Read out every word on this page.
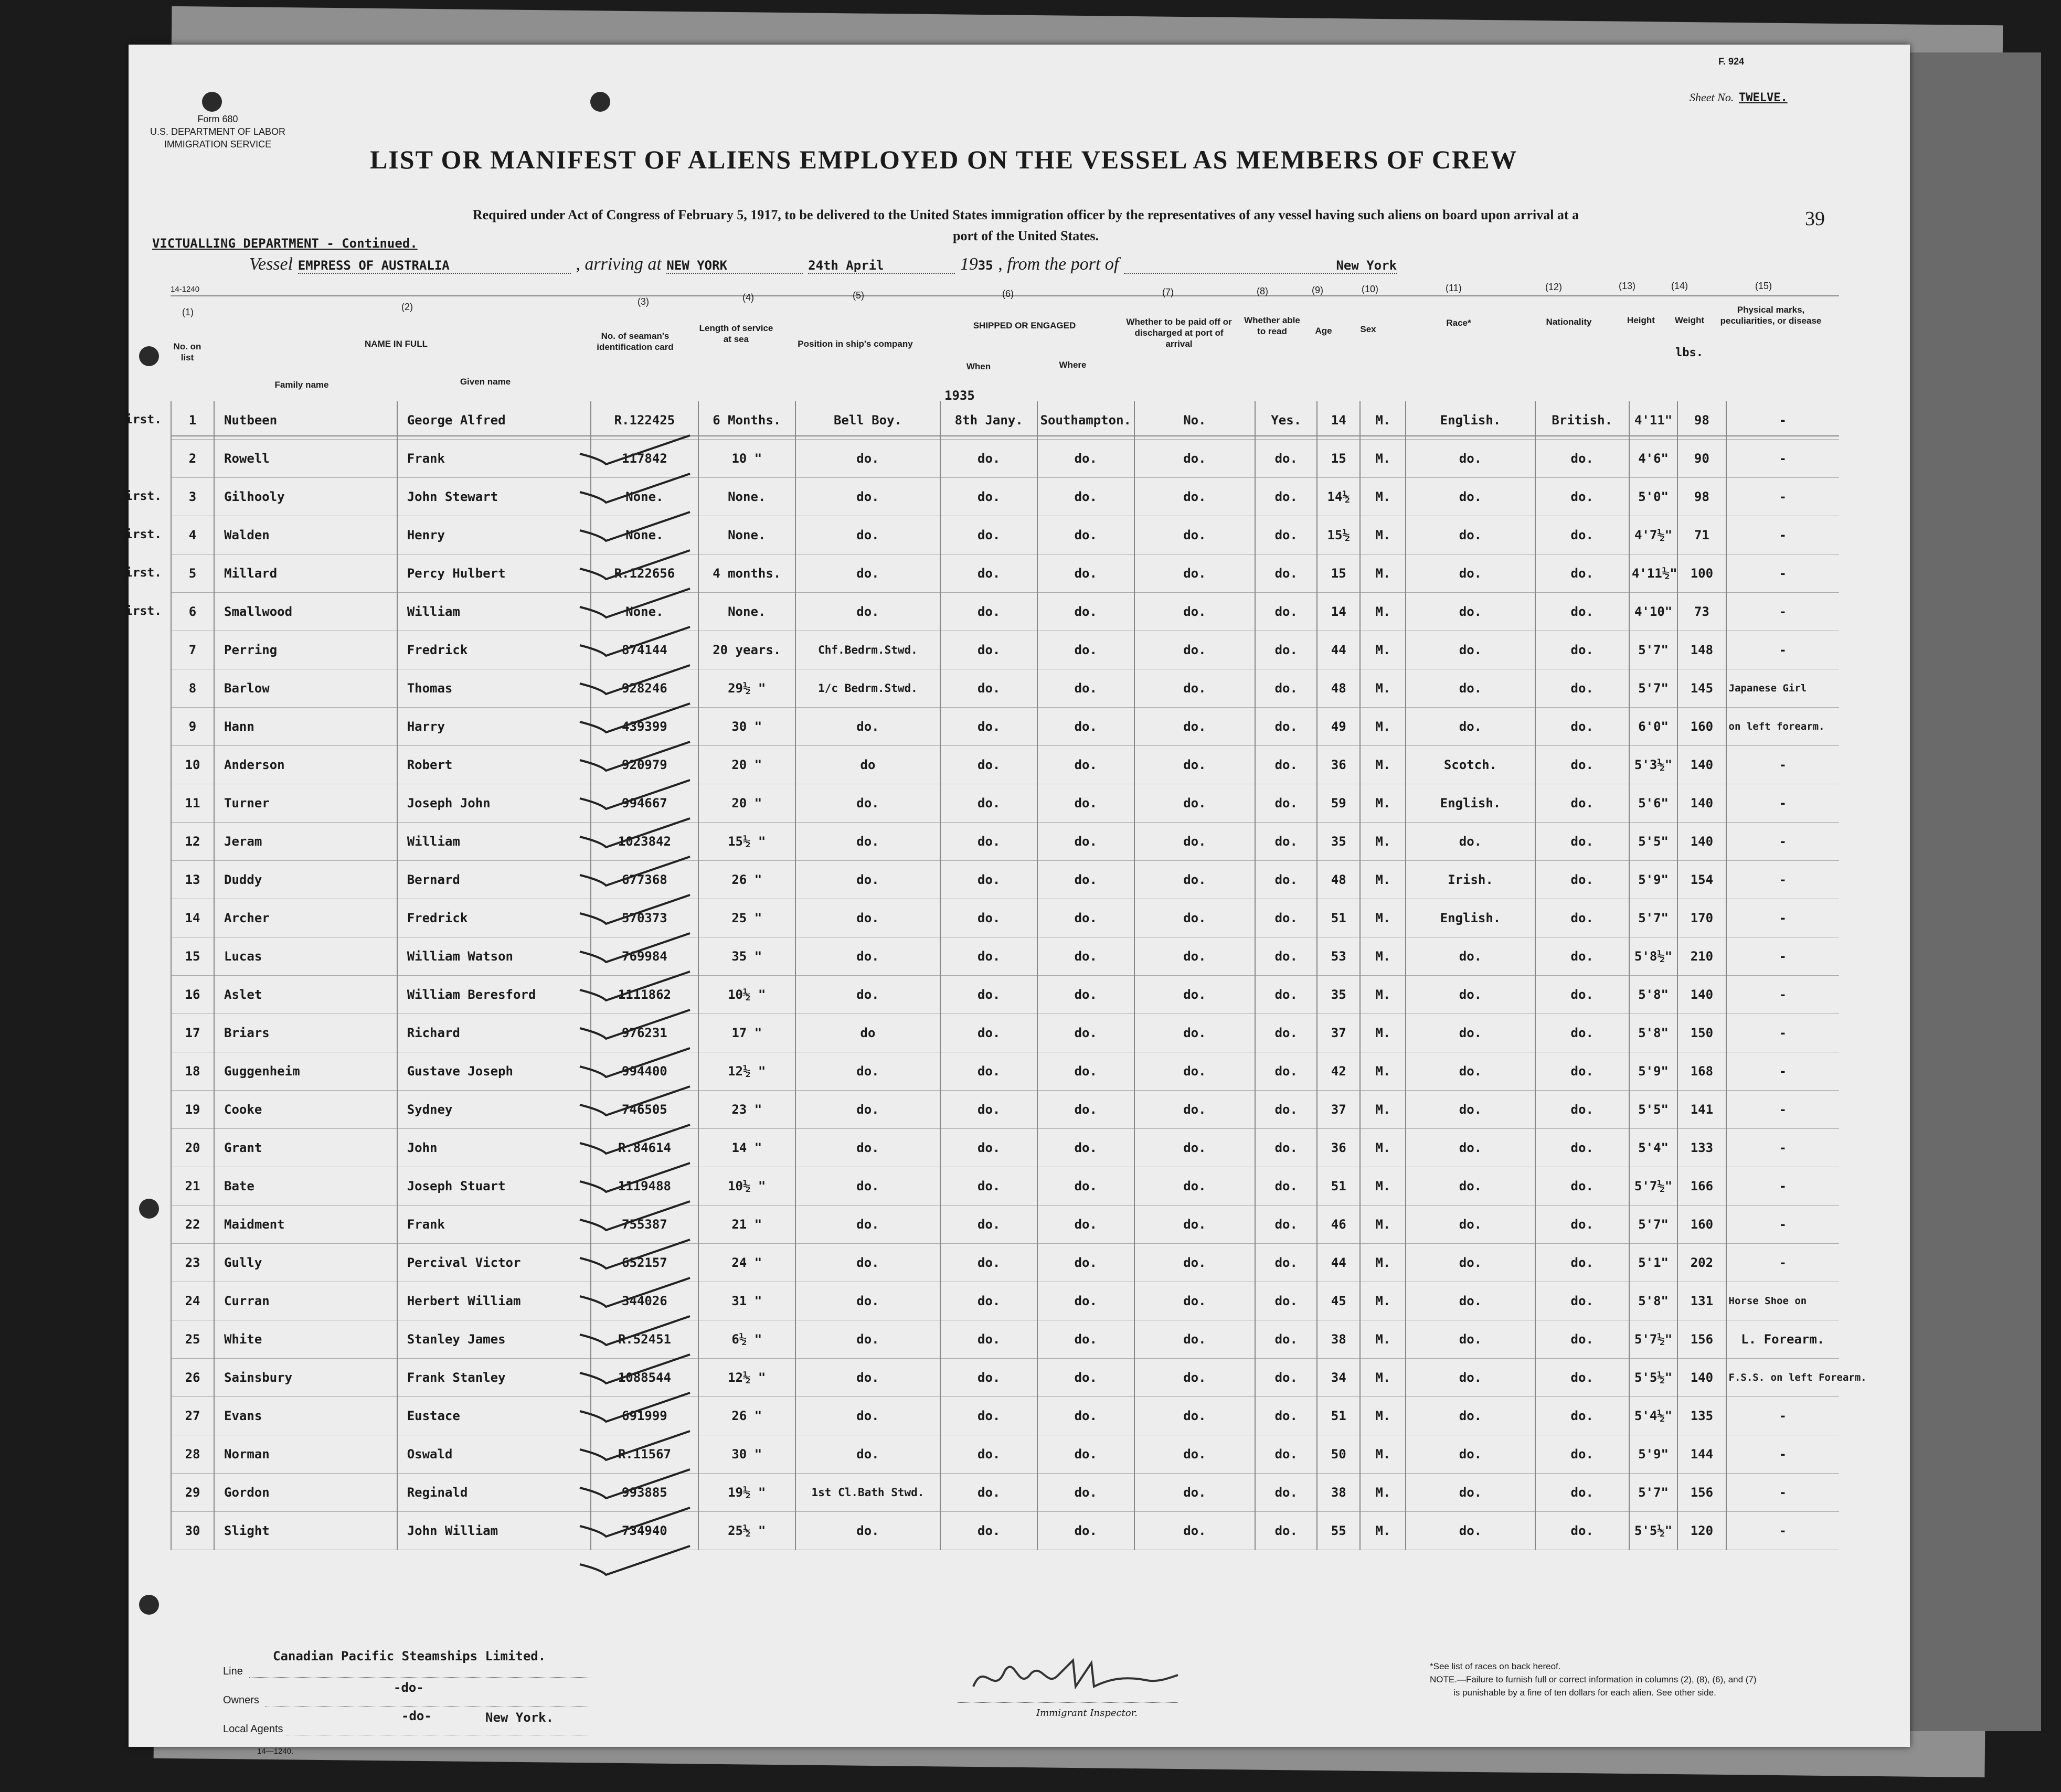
Form 680
U.S. DEPARTMENT OF LABOR
IMMIGRATION SERVICE
F. 924
Sheet No. TWELVE.
LIST OR MANIFEST OF ALIENS EMPLOYED ON THE VESSEL AS MEMBERS OF CREW
Required under Act of Congress of February 5, 1917, to be delivered to the United States immigration officer by the representatives of any vessel having such aliens on board upon arrival at a
port of the United States.
39
VICTUALLING DEPARTMENT - Continued.
Vessel EMPRESS OF AUSTRALIA	, arriving at NEW YORK	24th April	1935 , from the port of	New York
14-1240
(1)	(2)	(3)	(4)	(5)	(6)	(7)	(8)	(9)	(10)	(11)	(12)	(13)	(14)	(15)
No. on list
NAME IN FULL
Family name	Given name
No. of seaman's identification card
Length of service at sea	Position in ship's company
SHIPPED OR ENGAGED
When	Where
Whether to be paid off or discharged at port of arrival
Whether able to read	Age	Sex
Race*	Nationality	Height	Weight
lbs.
Physical marks, peculiarities, or disease
1935
1	Nutbeen	George Alfred	R.122425	6 Months.	Bell Boy.	8th Jany.	Southampton.	No.	Yes.	14	M.	English.	British.	4'11"	98	-
2	Rowell	Frank	117842	10 "	do.	do.	do.	do.	do.	15	M.	do.	do.	4'6"	90	-
3	Gilhooly	John Stewart	None.	None.	do.	do.	do.	do.	do.	14½	M.	do.	do.	5'0"	98	-
4	Walden	Henry	None.	None.	do.	do.	do.	do.	do.	15½	M.	do.	do.	4'7½"	71	-
5	Millard	Percy Hulbert	R.122656	4 months.	do.	do.	do.	do.	do.	15	M.	do.	do.	4'11½"	100	-
6	Smallwood	William	None.	None.	do.	do.	do.	do.	do.	14	M.	do.	do.	4'10"	73	-
7	Perring	Fredrick	874144	20 years.	Chf.Bedrm.Stwd.	do.	do.	do.	do.	44	M.	do.	do.	5'7"	148	-
8	Barlow	Thomas	928246	29½ "	1/c Bedrm.Stwd.	do.	do.	do.	do.	48	M.	do.	do.	5'7"	145	Japanese Girl
9	Hann	Harry	439399	30 "	do.	do.	do.	do.	do.	49	M.	do.	do.	6'0"	160	on left forearm.
10	Anderson	Robert	920979	20 "	do	do.	do.	do.	do.	36	M.	Scotch.	do.	5'3½"	140	-
11	Turner	Joseph John	994667	20 "	do.	do.	do.	do.	do.	59	M.	English.	do.	5'6"	140	-
12	Jeram	William	1023842	15½ "	do.	do.	do.	do.	do.	35	M.	do.	do.	5'5"	140	-
13	Duddy	Bernard	677368	26 "	do.	do.	do.	do.	do.	48	M.	Irish.	do.	5'9"	154	-
14	Archer	Fredrick	570373	25 "	do.	do.	do.	do.	do.	51	M.	English.	do.	5'7"	170	-
15	Lucas	William Watson	769984	35 "	do.	do.	do.	do.	do.	53	M.	do.	do.	5'8½"	210	-
16	Aslet	William Beresford	1111862	10½ "	do.	do.	do.	do.	do.	35	M.	do.	do.	5'8"	140	-
17	Briars	Richard	976231	17 "	do	do.	do.	do.	do.	37	M.	do.	do.	5'8"	150	-
18	Guggenheim	Gustave Joseph	994400	12½ "	do.	do.	do.	do.	do.	42	M.	do.	do.	5'9"	168	-
19	Cooke	Sydney	746505	23 "	do.	do.	do.	do.	do.	37	M.	do.	do.	5'5"	141	-
20	Grant	John	R.84614	14 "	do.	do.	do.	do.	do.	36	M.	do.	do.	5'4"	133	-
21	Bate	Joseph Stuart	1119488	10½ "	do.	do.	do.	do.	do.	51	M.	do.	do.	5'7½"	166	-
22	Maidment	Frank	755387	21 "	do.	do.	do.	do.	do.	46	M.	do.	do.	5'7"	160	-
23	Gully	Percival Victor	652157	24 "	do.	do.	do.	do.	do.	44	M.	do.	do.	5'1"	202	-
24	Curran	Herbert William	344026	31 "	do.	do.	do.	do.	do.	45	M.	do.	do.	5'8"	131	Horse Shoe on
25	White	Stanley James	R.52451	6½ "	do.	do.	do.	do.	do.	38	M.	do.	do.	5'7½"	156	L. Forearm.
26	Sainsbury	Frank Stanley	1088544	12½ "	do.	do.	do.	do.	do.	34	M.	do.	do.	5'5½"	140	F.S.S. on left Forearm.
27	Evans	Eustace	691999	26 "	do.	do.	do.	do.	do.	51	M.	do.	do.	5'4½"	135	-
28	Norman	Oswald	R.11567	30 "	do.	do.	do.	do.	do.	50	M.	do.	do.	5'9"	144	-
29	Gordon	Reginald	993885	19½ "	1st Cl.Bath Stwd.	do.	do.	do.	do.	38	M.	do.	do.	5'7"	156	-
30	Slight	John William	734940	25½ "	do.	do.	do.	do.	do.	55	M.	do.	do.	5'5½"	120	-
Line
Canadian Pacific Steamships Limited.
Owners
-do-
Local Agents
-do-	New York.
14—1240.
Immigrant Inspector.
*See list of races on back hereof.
NOTE.—Failure to furnish full or correct information in columns (2), (8), (6), and (7)
is punishable by a fine of ten dollars for each alien. See other side.
First.
First.
First.
First.
First.
